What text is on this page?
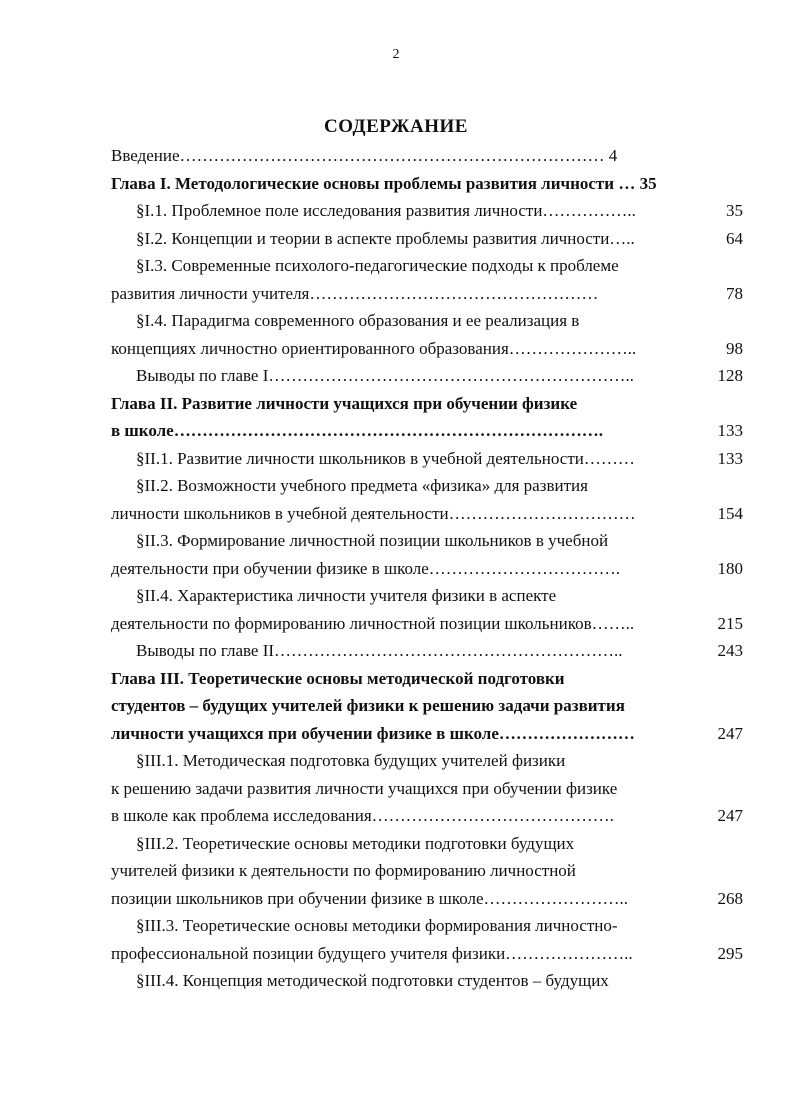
2
СОДЕРЖАНИЕ
Введение………………………………………………………………… 4
Глава I. Методологические основы проблемы развития личности … 35
§I.1. Проблемное поле исследования развития личности……………..	35
§I.2. Концепции и теории в аспекте проблемы развития личности…..	64
§I.3. Современные психолого-педагогические подходы к проблеме
развития личности учителя……………………………………………	78
§I.4. Парадигма современного образования и ее реализация в
концепциях личностно ориентированного образования…………………..	98
Выводы по главе I………………………………………………………..	128
Глава II. Развитие личности учащихся при обучении физике
в школе………………………………………………………………….	133
§II.1. Развитие личности школьников в учебной деятельности………	133
§II.2. Возможности учебного предмета «физика» для развития
личности школьников в учебной деятельности……………………………	154
§II.3. Формирование личностной позиции школьников в учебной
деятельности при обучении физике в школе…………………………….	180
§II.4. Характеристика личности учителя физики в аспекте
деятельности по формированию личностной позиции школьников……..	215
Выводы по главе II……………………………………………………..	243
Глава III. Теоретические основы методической подготовки
студентов – будущих учителей физики к решению задачи развития
личности учащихся при обучении физике в школе……………………	247
§III.1. Методическая подготовка будущих учителей физики
к решению задачи развития личности учащихся при обучении физике
в школе как проблема исследования…………………………………….	247
§III.2. Теоретические основы методики подготовки будущих
учителей физики к деятельности по формированию личностной
позиции школьников при обучении физике в школе……………………..	268
§III.3. Теоретические основы методики формирования личностно-
профессиональной позиции будущего учителя физики…………………..	295
§III.4. Концепция методической подготовки студентов – будущих
